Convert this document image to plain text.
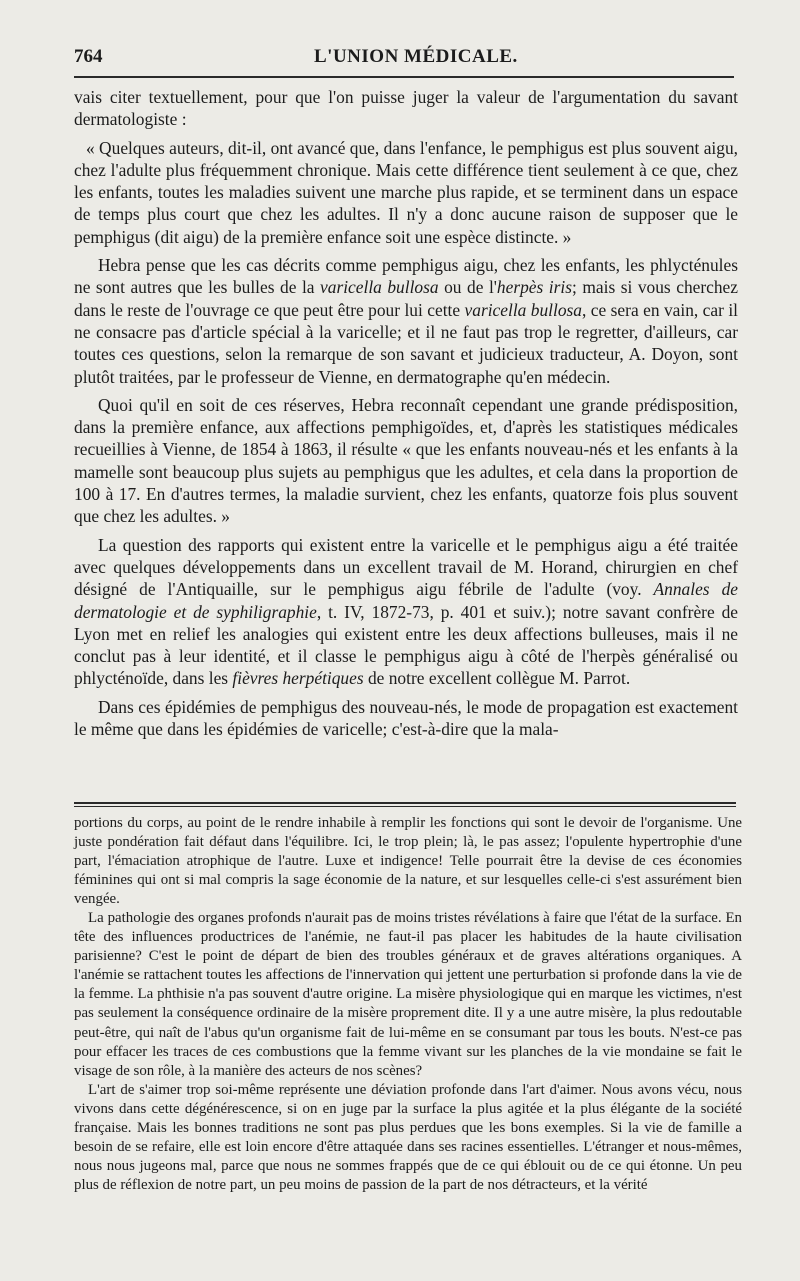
764	L'UNION MÉDICALE.

vais citer textuellement, pour que l'on puisse juger la valeur de l'argumentation du savant dermatologiste :

« Quelques auteurs, dit-il, ont avancé que, dans l'enfance, le pemphigus est plus souvent aigu, chez l'adulte plus fréquemment chronique. Mais cette différence tient seulement à ce que, chez les enfants, toutes les maladies suivent une marche plus rapide, et se terminent dans un espace de temps plus court que chez les adultes. Il n'y a donc aucune raison de supposer que le pemphigus (dit aigu) de la première enfance soit une espèce distincte. »

Hebra pense que les cas décrits comme pemphigus aigu, chez les enfants, les phlycténules ne sont autres que les bulles de la varicella bullosa ou de l'herpès iris; mais si vous cherchez dans le reste de l'ouvrage ce que peut être pour lui cette varicella bullosa, ce sera en vain, car il ne consacre pas d'article spécial à la varicelle; et il ne faut pas trop le regretter, d'ailleurs, car toutes ces questions, selon la remarque de son savant et judicieux traducteur, A. Doyon, sont plutôt traitées, par le professeur de Vienne, en dermatographe qu'en médecin.

Quoi qu'il en soit de ces réserves, Hebra reconnaît cependant une grande prédisposition, dans la première enfance, aux affections pemphigoïdes, et, d'après les statistiques médicales recueillies à Vienne, de 1854 à 1863, il résulte « que les enfants nouveau-nés et les enfants à la mamelle sont beaucoup plus sujets au pemphigus que les adultes, et cela dans la proportion de 100 à 17. En d'autres termes, la maladie survient, chez les enfants, quatorze fois plus souvent que chez les adultes. »

La question des rapports qui existent entre la varicelle et le pemphigus aigu a été traitée avec quelques développements dans un excellent travail de M. Horand, chirurgien en chef désigné de l'Antiquaille, sur le pemphigus aigu fébrile de l'adulte (voy. Annales de dermatologie et de syphiligraphie, t. IV, 1872-73, p. 401 et suiv.); notre savant confrère de Lyon met en relief les analogies qui existent entre les deux affections bulleuses, mais il ne conclut pas à leur identité, et il classe le pemphigus aigu à côté de l'herpès généralisé ou phlycténoïde, dans les fièvres herpétiques de notre excellent collègue M. Parrot.

Dans ces épidémies de pemphigus des nouveau-nés, le mode de propagation est exactement le même que dans les épidémies de varicelle; c'est-à-dire que la mala-

portions du corps, au point de le rendre inhabile à remplir les fonctions qui sont le devoir de l'organisme. Une juste pondération fait défaut dans l'équilibre. Ici, le trop plein; là, le pas assez; l'opulente hypertrophie d'une part, l'émaciation atrophique de l'autre. Luxe et indigence! Telle pourrait être la devise de ces économies féminines qui ont si mal compris la sage économie de la nature, et sur lesquelles celle-ci s'est assurément bien vengée.

La pathologie des organes profonds n'aurait pas de moins tristes révélations à faire que l'état de la surface. En tête des influences productrices de l'anémie, ne faut-il pas placer les habitudes de la haute civilisation parisienne? C'est le point de départ de bien des troubles généraux et de graves altérations organiques. A l'anémie se rattachent toutes les affections de l'innervation qui jettent une perturbation si profonde dans la vie de la femme. La phthisie n'a pas souvent d'autre origine. La misère physiologique qui en marque les victimes, n'est pas seulement la conséquence ordinaire de la misère proprement dite. Il y a une autre misère, la plus redoutable peut-être, qui naît de l'abus qu'un organisme fait de lui-même en se consumant par tous les bouts. N'est-ce pas pour effacer les traces de ces combustions que la femme vivant sur les planches de la vie mondaine se fait le visage de son rôle, à la manière des acteurs de nos scènes?

L'art de s'aimer trop soi-même représente une déviation profonde dans l'art d'aimer. Nous avons vécu, nous vivons dans cette dégénérescence, si on en juge par la surface la plus agitée et la plus élégante de la société française. Mais les bonnes traditions ne sont pas plus perdues que les bons exemples. Si la vie de famille a besoin de se refaire, elle est loin encore d'être attaquée dans ses racines essentielles. L'étranger et nous-mêmes, nous nous jugeons mal, parce que nous ne sommes frappés que de ce qui éblouit ou de ce qui étonne. Un peu plus de réflexion de notre part, un peu moins de passion de la part de nos détracteurs, et la vérité
